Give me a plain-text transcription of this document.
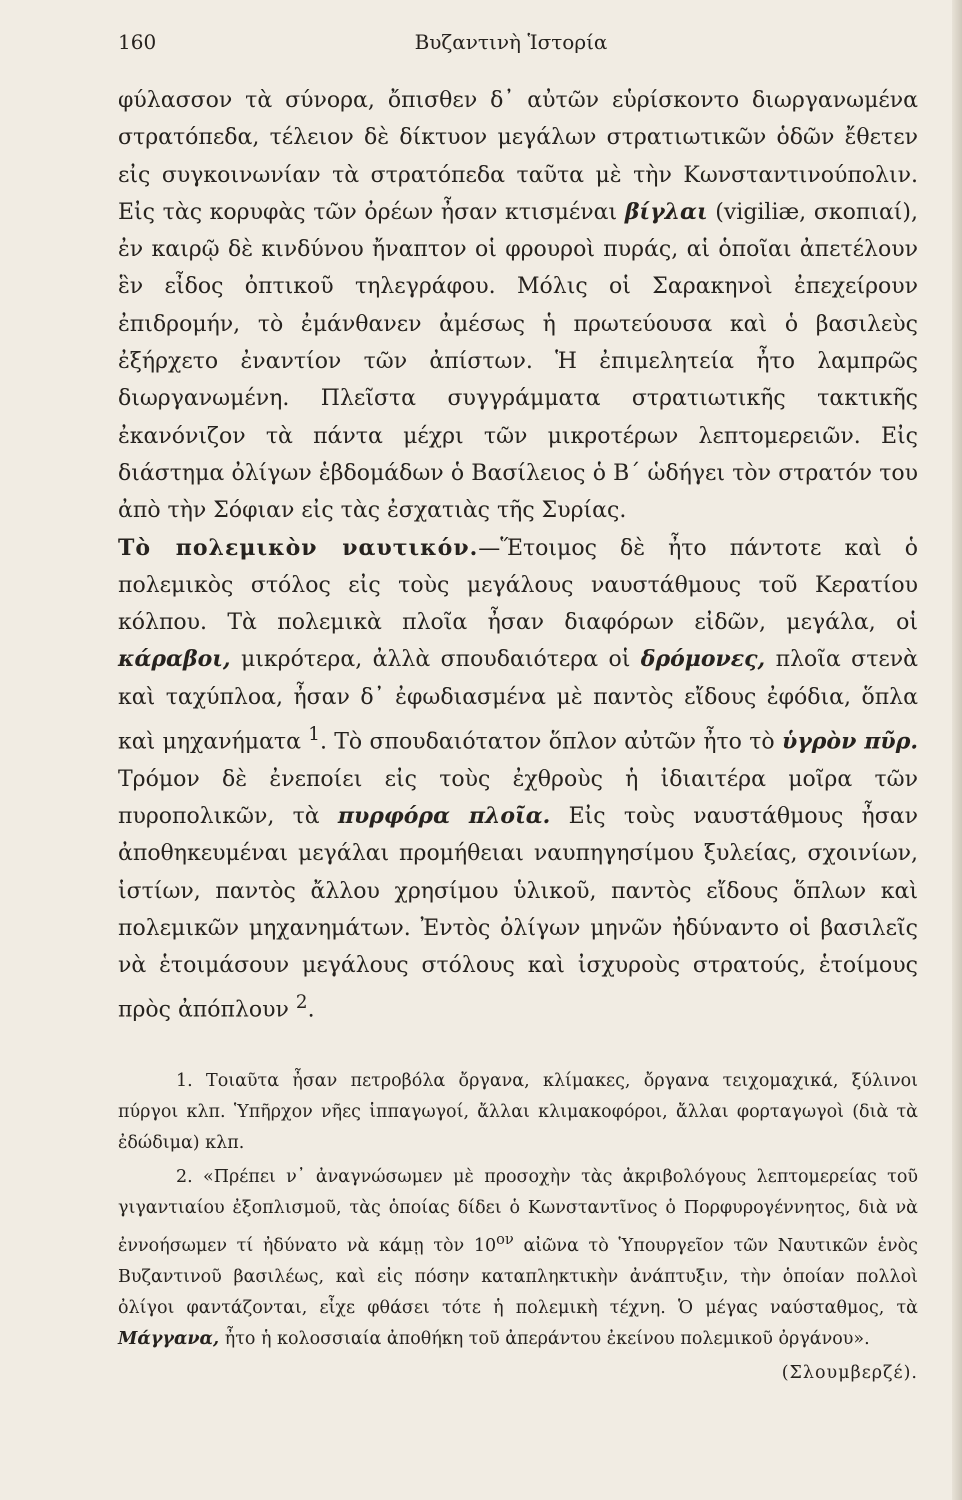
160	Βυζαντινὴ Ἱστορία

φύλασσον τὰ σύνορα, ὄπισθεν δ᾽ αὐτῶν εὑρίσκοντο διωργανωμένα στρατόπεδα, τέλειον δὲ δίκτυον μεγάλων στρατιωτικῶν ὁδῶν ἔθετεν εἰς συγκοινωνίαν τὰ στρατόπεδα ταῦτα μὲ τὴν Κωνσταντινούπολιν. Εἰς τὰς κορυφὰς τῶν ὀρέων ἦσαν κτισμέναι βίγλαι (vigiliæ, σκοπιαί), ἐν καιρῷ δὲ κινδύνου ἤναπτον οἱ φρουροὶ πυράς, αἱ ὁποῖαι ἀπετέλουν ἓν εἶδος ὀπτικοῦ τηλεγράφου. Μόλις οἱ Σαρακηνοὶ ἐπεχείρουν ἐπιδρομήν, τὸ ἐμάνθανεν ἀμέσως ἡ πρωτεύουσα καὶ ὁ βασιλεὺς ἐξήρχετο ἐναντίον τῶν ἀπίστων. Ἡ ἐπιμελητεία ἦτο λαμπρῶς διωργανωμένη. Πλεῖστα συγγράμματα στρατιωτικῆς τακτικῆς ἐκανόνιζον τὰ πάντα μέχρι τῶν μικροτέρων λεπτομερειῶν. Εἰς διάστημα ὀλίγων ἑβδομάδων ὁ Βασίλειος ὁ Β´ ὡδήγει τὸν στρατόν του ἀπὸ τὴν Σόφιαν εἰς τὰς ἐσχατιὰς τῆς Συρίας.

Τὸ πολεμικὸν ναυτικόν.—Ἕτοιμος δὲ ἦτο πάντοτε καὶ ὁ πολεμικὸς στόλος εἰς τοὺς μεγάλους ναυστάθμους τοῦ Κερατίου κόλπου. Τὰ πολεμικὰ πλοῖα ἦσαν διαφόρων εἰδῶν, μεγάλα, οἱ κάραβοι, μικρότερα, ἀλλὰ σπουδαιότερα οἱ δρόμονες, πλοῖα στενὰ καὶ ταχύπλοα, ἦσαν δ᾽ ἐφωδιασμένα μὲ παντὸς εἴδους ἐφόδια, ὅπλα καὶ μηχανήματα $^1$. Τὸ σπουδαιότατον ὅπλον αὐτῶν ἦτο τὸ ὑγρὸν πῦρ. Τρόμον δὲ ἐνεποίει εἰς τοὺς ἐχθροὺς ἡ ἰδιαιτέρα μοῖρα τῶν πυροπολικῶν, τὰ πυρφόρα πλοῖα. Εἰς τοὺς ναυστάθμους ἦσαν ἀποθηκευμέναι μεγάλαι προμήθειαι ναυπηγησίμου ξυλείας, σχοινίων, ἱστίων, παντὸς ἄλλου χρησίμου ὑλικοῦ, παντὸς εἴδους ὅπλων καὶ πολεμικῶν μηχανημάτων. Ἐντὸς ὀλίγων μηνῶν ἠδύναντο οἱ βασιλεῖς νὰ ἑτοιμάσουν μεγάλους στόλους καὶ ἰσχυροὺς στρατούς, ἑτοίμους πρὸς ἀπόπλουν $^2$.

1. Τοιαῦτα ἦσαν πετροβόλα ὄργανα, κλίμακες, ὄργανα τειχομαχικά, ξύλινοι πύργοι κλπ. Ὑπῆρχον νῆες ἱππαγωγοί, ἄλλαι κλιμακοφόροι, ἄλλαι φορταγωγοὶ (διὰ τὰ ἐδώδιμα) κλπ.

2. «Πρέπει ν᾽ ἀναγνώσωμεν μὲ προσοχὴν τὰς ἀκριβολόγους λεπτομερείας τοῦ γιγαντιαίου ἐξοπλισμοῦ, τὰς ὁποίας δίδει ὁ Κωνσταντῖνος ὁ Πορφυρογέννητος, διὰ νὰ ἐννοήσωμεν τί ἠδύνατο νὰ κάμῃ τὸν $10^{o\nu}$ αἰῶνα τὸ Ὑπουργεῖον τῶν Ναυτικῶν ἑνὸς Βυζαντινοῦ βασιλέως, καὶ εἰς πόσην καταπληκτικὴν ἀνάπτυξιν, τὴν ὁποίαν πολλοὶ ὀλίγοι φαντάζονται, εἶχε φθάσει τότε ἡ πολεμικὴ τέχνη. Ὁ μέγας ναύσταθμος, τὰ Μάγγανα, ἦτο ἡ κολοσσιαία ἀποθήκη τοῦ ἀπεράντου ἐκείνου πολεμικοῦ ὀργάνου».

(Σλουμβερζέ).
